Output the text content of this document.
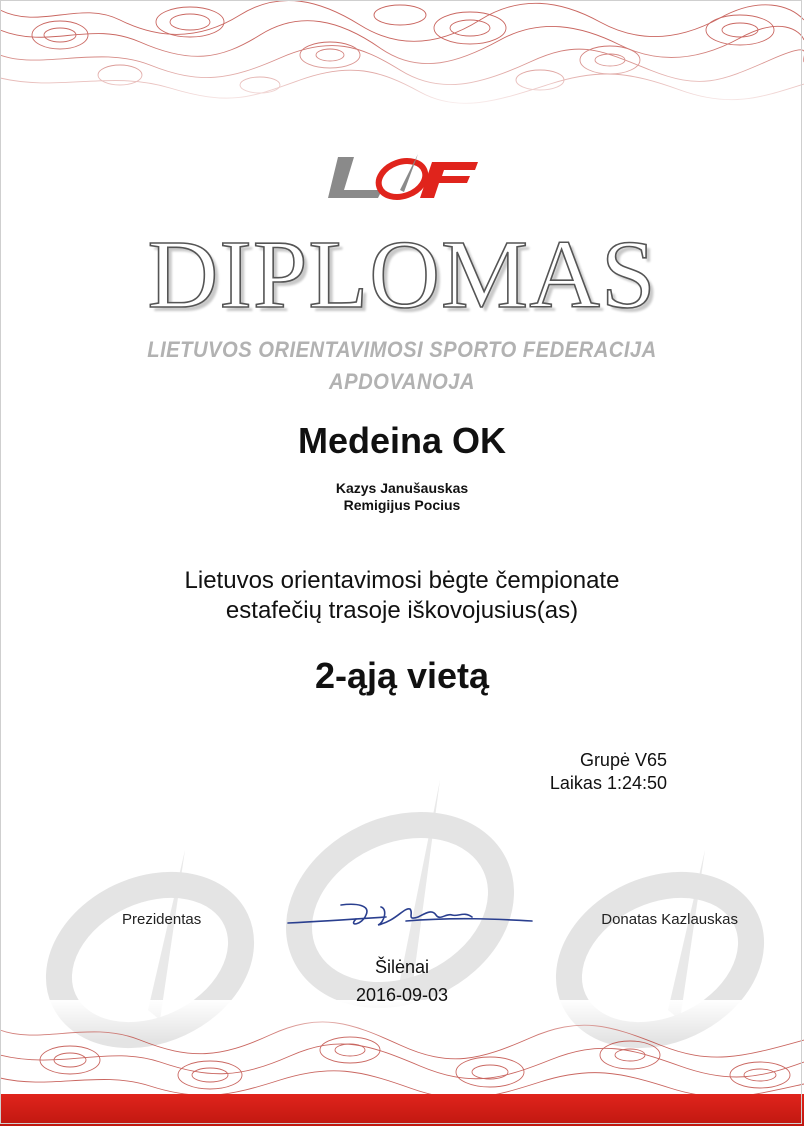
DIPLOMAS
LIETUVOS ORIENTAVIMOSI SPORTO FEDERACIJA
APDOVANOJA
Medeina OK
Kazys Janušauskas
Remigijus Pocius
Lietuvos orientavimosi bėgte čempionate
estafečių trasoje iškovojusius(as)
2-ąją vietą
Grupė V65
Laikas 1:24:50
Prezidentas	Donatas Kazlauskas
Šilėnai
2016-09-03
